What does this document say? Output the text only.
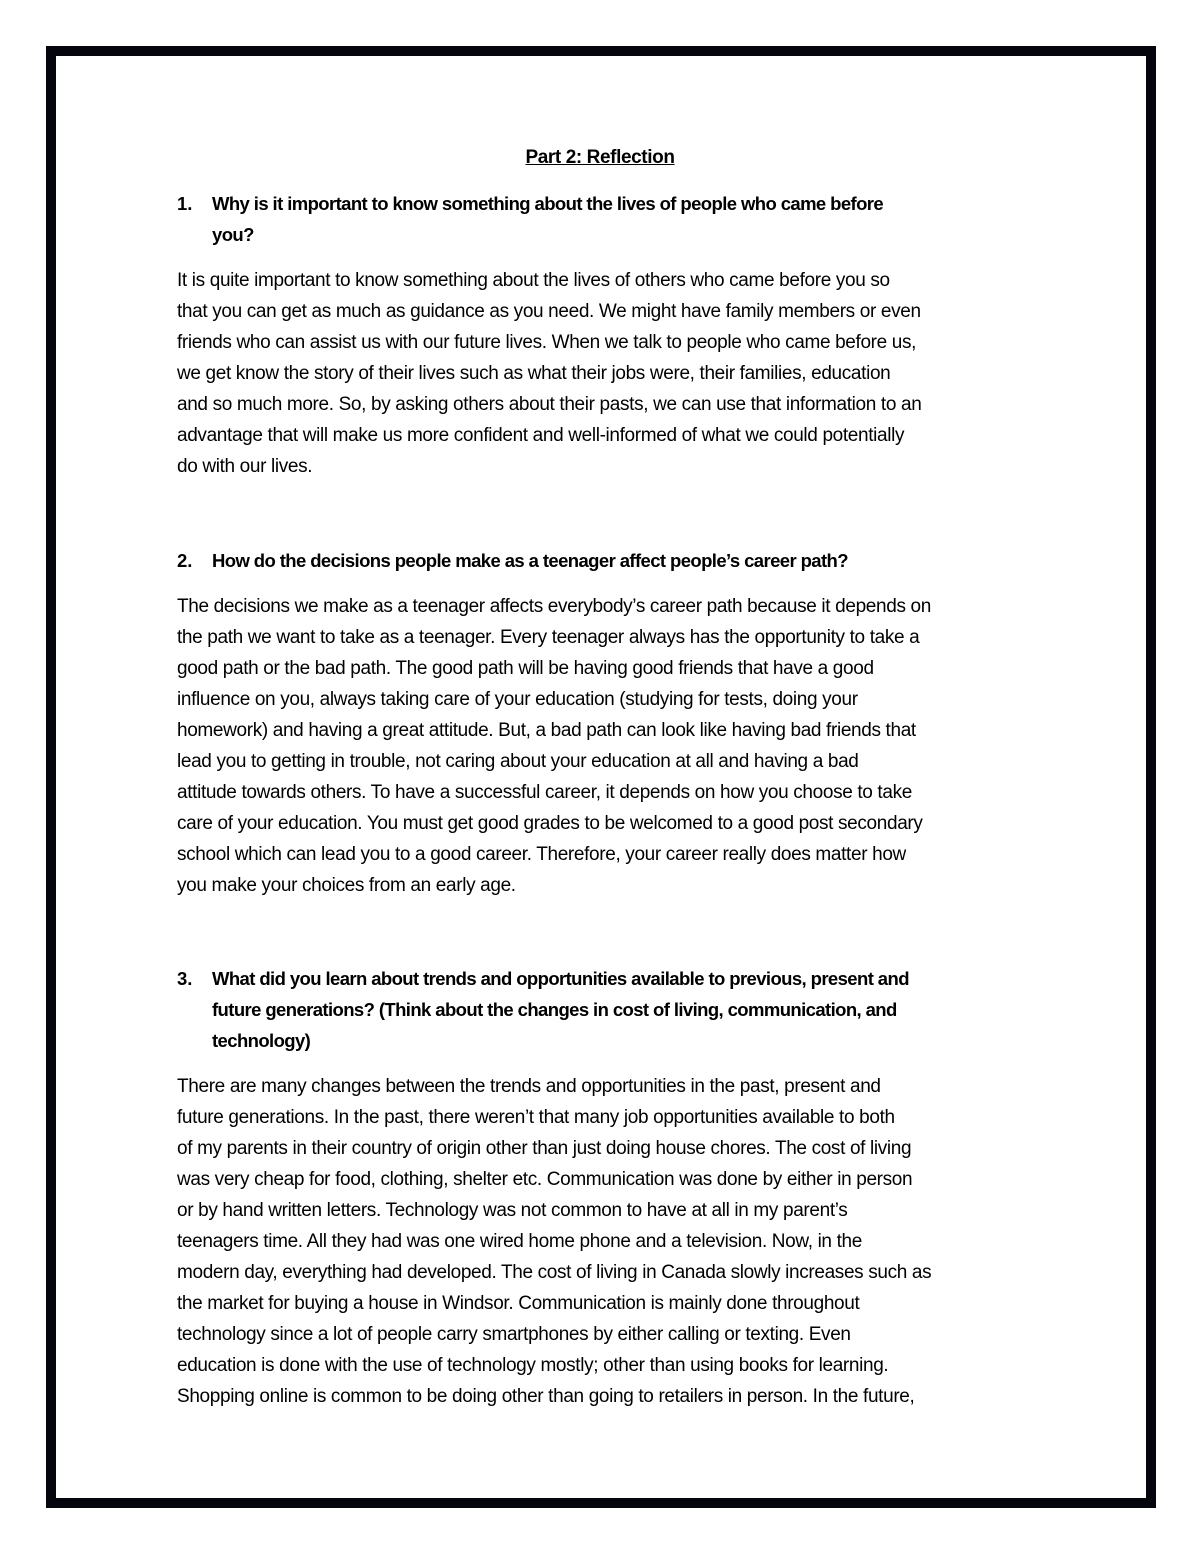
Part 2: Reflection
1.	Why is it important to know something about the lives of people who came before
you?
It is quite important to know something about the lives of others who came before you so
that you can get as much as guidance as you need. We might have family members or even
friends who can assist us with our future lives. When we talk to people who came before us,
we get know the story of their lives such as what their jobs were, their families, education
and so much more. So, by asking others about their pasts, we can use that information to an
advantage that will make us more confident and well-informed of what we could potentially
do with our lives.
2.	How do the decisions people make as a teenager affect people’s career path?
The decisions we make as a teenager affects everybody’s career path because it depends on
the path we want to take as a teenager. Every teenager always has the opportunity to take a
good path or the bad path. The good path will be having good friends that have a good
influence on you, always taking care of your education (studying for tests, doing your
homework) and having a great attitude. But, a bad path can look like having bad friends that
lead you to getting in trouble, not caring about your education at all and having a bad
attitude towards others. To have a successful career, it depends on how you choose to take
care of your education. You must get good grades to be welcomed to a good post secondary
school which can lead you to a good career. Therefore, your career really does matter how
you make your choices from an early age.
3.	What did you learn about trends and opportunities available to previous, present and
future generations? (Think about the changes in cost of living, communication, and
technology)
There are many changes between the trends and opportunities in the past, present and
future generations. In the past, there weren’t that many job opportunities available to both
of my parents in their country of origin other than just doing house chores. The cost of living
was very cheap for food, clothing, shelter etc. Communication was done by either in person
or by hand written letters. Technology was not common to have at all in my parent’s
teenagers time. All they had was one wired home phone and a television. Now, in the
modern day, everything had developed. The cost of living in Canada slowly increases such as
the market for buying a house in Windsor. Communication is mainly done throughout
technology since a lot of people carry smartphones by either calling or texting. Even
education is done with the use of technology mostly; other than using books for learning.
Shopping online is common to be doing other than going to retailers in person. In the future,
